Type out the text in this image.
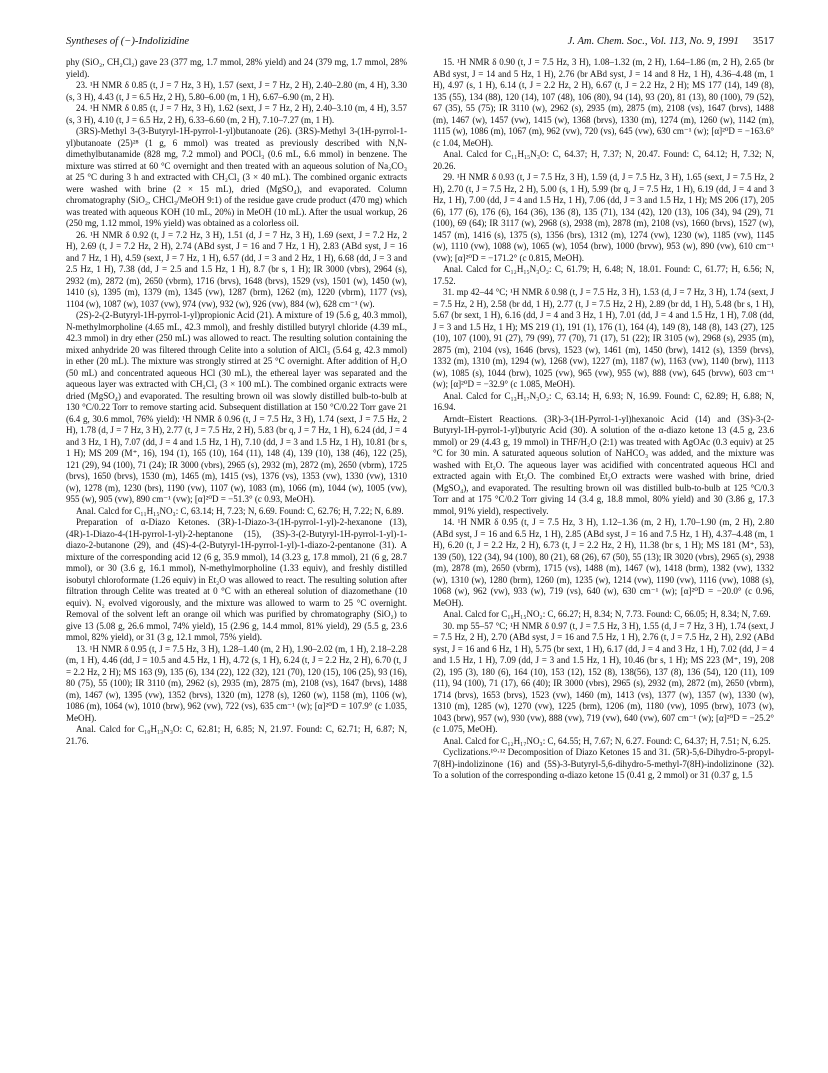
Syntheses of (−)-Indolizidine	J. Am. Chem. Soc., Vol. 113, No. 9, 1991 3517

phy (SiO₂, CH₂Cl₂) gave 23 (377 mg, 1.7 mmol, 28% yield) and 24 (379 mg, 1.7 mmol, 28% yield).

23. ¹H NMR δ 0.85 (t, J = 7 Hz, 3 H), 1.57 (sext, J = 7 Hz, 2 H), 2.40–2.80 (m, 4 H), 3.30 (s, 3 H), 4.43 (t, J = 6.5 Hz, 2 H), 5.80–6.00 (m, 1 H), 6.67–6.90 (m, 2 H).

24. ¹H NMR δ 0.85 (t, J = 7 Hz, 3 H), 1.62 (sext, J = 7 Hz, 2 H), 2.40–3.10 (m, 4 H), 3.57 (s, 3 H), 4.10 (t, J = 6.5 Hz, 2 H), 6.33–6.60 (m, 2 H), 7.10–7.27 (m, 1 H).

(3RS)-Methyl 3-(3-Butyryl-1H-pyrrol-1-yl)butanoate (26). (3RS)-Methyl 3-(1H-pyrrol-1-yl)butanoate (25)²⁸ (1 g, 6 mmol) was treated as previously described with N,N-dimethylbutanamide (828 mg, 7.2 mmol) and POCl₃ (0.6 mL, 6.6 mmol) in benzene. The mixture was stirred at 60 °C overnight and then treated with an aqueous solution of Na₂CO₃ at 25 °C during 3 h and extracted with CH₂Cl₂ (3 × 40 mL). The combined organic extracts were washed with brine (2 × 15 mL), dried (MgSO₄), and evaporated. Column chromatography (SiO₂, CHCl₃/MeOH 9:1) of the residue gave crude product (470 mg) which was treated with aqueous KOH (10 mL, 20%) in MeOH (10 mL). After the usual workup, 26 (250 mg, 1.12 mmol, 19% yield) was obtained as a colorless oil.

26. ¹H NMR δ 0.92 (t, J = 7.2 Hz, 3 H), 1.51 (d, J = 7 Hz, 3 H), 1.69 (sext, J = 7.2 Hz, 2 H), 2.69 (t, J = 7.2 Hz, 2 H), 2.74 (ABd syst, J = 16 and 7 Hz, 1 H), 2.83 (ABd syst, J = 16 and 7 Hz, 1 H), 4.59 (sext, J = 7 Hz, 1 H), 6.57 (dd, J = 3 and 2 Hz, 1 H), 6.68 (dd, J = 3 and 2.5 Hz, 1 H), 7.38 (dd, J = 2.5 and 1.5 Hz, 1 H), 8.7 (br s, 1 H); IR 3000 (vbrs), 2964 (s), 2932 (m), 2872 (m), 2650 (vbrm), 1716 (brvs), 1648 (brvs), 1529 (vs), 1501 (w), 1450 (w), 1410 (s), 1395 (m), 1379 (m), 1345 (vw), 1287 (brm), 1262 (m), 1220 (vbrm), 1177 (vs), 1104 (w), 1087 (w), 1037 (vw), 974 (vw), 932 (w), 926 (vw), 884 (w), 628 cm⁻¹ (w).

(2S)-2-(2-Butyryl-1H-pyrrol-1-yl)propionic Acid (21). A mixture of 19 (5.6 g, 40.3 mmol), N-methylmorpholine (4.65 mL, 42.3 mmol), and freshly distilled butyryl chloride (4.39 mL, 42.3 mmol) in dry ether (250 mL) was allowed to react. The resulting solution containing the mixed anhydride 20 was filtered through Celite into a solution of AlCl₃ (5.64 g, 42.3 mmol) in ether (20 mL). The mixture was strongly stirred at 25 °C overnight. After addition of H₂O (50 mL) and concentrated aqueous HCl (30 mL), the ethereal layer was separated and the aqueous layer was extracted with CH₂Cl₂ (3 × 100 mL). The combined organic extracts were dried (MgSO₄) and evaporated. The resulting brown oil was slowly distilled bulb-to-bulb at 130 °C/0.22 Torr to remove starting acid. Subsequent distillation at 150 °C/0.22 Torr gave 21 (6.4 g, 30.6 mmol, 76% yield): ¹H NMR δ 0.96 (t, J = 7.5 Hz, 3 H), 1.74 (sext, J = 7.5 Hz, 2 H), 1.78 (d, J = 7 Hz, 3 H), 2.77 (t, J = 7.5 Hz, 2 H), 5.83 (br q, J = 7 Hz, 1 H), 6.24 (dd, J = 4 and 3 Hz, 1 H), 7.07 (dd, J = 4 and 1.5 Hz, 1 H), 7.10 (dd, J = 3 and 1.5 Hz, 1 H), 10.81 (br s, 1 H); MS 209 (M⁺, 16), 194 (1), 165 (10), 164 (11), 148 (4), 139 (10), 138 (46), 122 (25), 121 (29), 94 (100), 71 (24); IR 3000 (vbrs), 2965 (s), 2932 (m), 2872 (m), 2650 (vbrm), 1725 (brvs), 1650 (brvs), 1530 (m), 1465 (m), 1415 (vs), 1376 (vs), 1353 (vw), 1330 (vw), 1310 (w), 1278 (m), 1230 (brs), 1190 (vw), 1107 (w), 1083 (m), 1066 (m), 1044 (w), 1005 (vw), 955 (w), 905 (vw), 890 cm⁻¹ (vw); [α]²⁰D = −51.3° (c 0.93, MeOH).

Anal. Calcd for C₁₁H₁₅NO₃: C, 63.14; H, 7.23; N, 6.69. Found: C, 62.76; H, 7.22; N, 6.89.

Preparation of α-Diazo Ketones. (3R)-1-Diazo-3-(1H-pyrrol-1-yl)-2-hexanone (13), (4R)-1-Diazo-4-(1H-pyrrol-1-yl)-2-heptanone (15), (3S)-3-(2-Butyryl-1H-pyrrol-1-yl)-1-diazo-2-butanone (29), and (4S)-4-(2-Butyryl-1H-pyrrol-1-yl)-1-diazo-2-pentanone (31). A mixture of the corresponding acid 12 (6 g, 35.9 mmol), 14 (3.23 g, 17.8 mmol), 21 (6 g, 28.7 mmol), or 30 (3.6 g, 16.1 mmol), N-methylmorpholine (1.33 equiv), and freshly distilled isobutyl chloroformate (1.26 equiv) in Et₂O was allowed to react. The resulting solution after filtration through Celite was treated at 0 °C with an ethereal solution of diazomethane (10 equiv). N₂ evolved vigorously, and the mixture was allowed to warm to 25 °C overnight. Removal of the solvent left an orange oil which was purified by chromatography (SiO₂) to give 13 (5.08 g, 26.6 mmol, 74% yield), 15 (2.96 g, 14.4 mmol, 81% yield), 29 (5.5 g, 23.6 mmol, 82% yield), or 31 (3 g, 12.1 mmol, 75% yield).

13. ¹H NMR δ 0.95 (t, J = 7.5 Hz, 3 H), 1.28–1.40 (m, 2 H), 1.90–2.02 (m, 1 H), 2.18–2.28 (m, 1 H), 4.46 (dd, J = 10.5 and 4.5 Hz, 1 H), 4.72 (s, 1 H), 6.24 (t, J = 2.2 Hz, 2 H), 6.70 (t, J = 2.2 Hz, 2 H); MS 163 (9), 135 (6), 134 (22), 122 (32), 121 (70), 120 (15), 106 (25), 93 (16), 80 (75), 55 (100); IR 3110 (m), 2962 (s), 2935 (m), 2875 (m), 2108 (vs), 1647 (brvs), 1488 (m), 1467 (w), 1395 (vw), 1352 (brvs), 1320 (m), 1278 (s), 1260 (w), 1158 (m), 1106 (w), 1086 (m), 1064 (w), 1010 (brw), 962 (vw), 722 (vs), 635 cm⁻¹ (w); [α]²⁰D = 107.9° (c 1.035, MeOH).

Anal. Calcd for C₁₀H₁₃N₃O: C, 62.81; H, 6.85; N, 21.97. Found: C, 62.71; H, 6.87; N, 21.76.

15. ¹H NMR δ 0.90 (t, J = 7.5 Hz, 3 H), 1.08–1.32 (m, 2 H), 1.64–1.86 (m, 2 H), 2.65 (br ABd syst, J = 14 and 5 Hz, 1 H), 2.76 (br ABd syst, J = 14 and 8 Hz, 1 H), 4.36–4.48 (m, 1 H), 4.97 (s, 1 H), 6.14 (t, J = 2.2 Hz, 2 H), 6.67 (t, J = 2.2 Hz, 2 H); MS 177 (14), 149 (8), 135 (55), 134 (88), 120 (14), 107 (48), 106 (80), 94 (14), 93 (20), 81 (13), 80 (100), 79 (52), 67 (35), 55 (75); IR 3110 (w), 2962 (s), 2935 (m), 2875 (m), 2108 (vs), 1647 (brvs), 1488 (m), 1467 (w), 1457 (vw), 1415 (w), 1368 (brvs), 1330 (m), 1274 (m), 1260 (w), 1142 (m), 1115 (w), 1086 (m), 1067 (m), 962 (vw), 720 (vs), 645 (vw), 630 cm⁻¹ (w); [α]²⁰D = −163.6° (c 1.04, MeOH).

Anal. Calcd for C₁₁H₁₅N₃O: C, 64.37; H, 7.37; N, 20.47. Found: C, 64.12; H, 7.32; N, 20.26.

29. ¹H NMR δ 0.93 (t, J = 7.5 Hz, 3 H), 1.59 (d, J = 7.5 Hz, 3 H), 1.65 (sext, J = 7.5 Hz, 2 H), 2.70 (t, J = 7.5 Hz, 2 H), 5.00 (s, 1 H), 5.99 (br q, J = 7.5 Hz, 1 H), 6.19 (dd, J = 4 and 3 Hz, 1 H), 7.00 (dd, J = 4 and 1.5 Hz, 1 H), 7.06 (dd, J = 3 and 1.5 Hz, 1 H); MS 206 (17), 205 (6), 177 (6), 176 (6), 164 (36), 136 (8), 135 (71), 134 (42), 120 (13), 106 (34), 94 (29), 71 (100), 69 (64); IR 3117 (w), 2968 (s), 2938 (m), 2878 (m), 2108 (vs), 1660 (brvs), 1527 (w), 1457 (m), 1416 (s), 1375 (s), 1356 (brs), 1312 (m), 1274 (vw), 1230 (w), 1185 (vw), 1145 (w), 1110 (vw), 1088 (w), 1065 (w), 1054 (brw), 1000 (brvw), 953 (w), 890 (vw), 610 cm⁻¹ (vw); [α]²⁰D = −171.2° (c 0.815, MeOH).

Anal. Calcd for C₁₂H₁₅N₃O₂: C, 61.79; H, 6.48; N, 18.01. Found: C, 61.77; H, 6.56; N, 17.52.

31. mp 42–44 °C; ¹H NMR δ 0.98 (t, J = 7.5 Hz, 3 H), 1.53 (d, J = 7 Hz, 3 H), 1.74 (sext, J = 7.5 Hz, 2 H), 2.58 (br dd, 1 H), 2.77 (t, J = 7.5 Hz, 2 H), 2.89 (br dd, 1 H), 5.48 (br s, 1 H), 5.67 (br sext, 1 H), 6.16 (dd, J = 4 and 3 Hz, 1 H), 7.01 (dd, J = 4 and 1.5 Hz, 1 H), 7.08 (dd, J = 3 and 1.5 Hz, 1 H); MS 219 (1), 191 (1), 176 (1), 164 (4), 149 (8), 148 (8), 143 (27), 125 (10), 107 (100), 91 (27), 79 (99), 77 (70), 71 (17), 51 (22); IR 3105 (w), 2968 (s), 2935 (m), 2875 (m), 2104 (vs), 1646 (brvs), 1523 (w), 1461 (m), 1450 (brw), 1412 (s), 1359 (brvs), 1332 (m), 1310 (m), 1294 (w), 1268 (vw), 1227 (m), 1187 (w), 1163 (vw), 1140 (brw), 1113 (w), 1085 (s), 1044 (brw), 1025 (vw), 965 (vw), 955 (w), 888 (vw), 645 (brvw), 603 cm⁻¹ (w); [α]²⁰D = −32.9° (c 1.085, MeOH).

Anal. Calcd for C₁₃H₁₇N₃O₂: C, 63.14; H, 6.93; N, 16.99. Found: C, 62.89; H, 6.88; N, 16.94.

Arndt–Eistert Reactions. (3R)-3-(1H-Pyrrol-1-yl)hexanoic Acid (14) and (3S)-3-(2-Butyryl-1H-pyrrol-1-yl)butyric Acid (30). A solution of the α-diazo ketone 13 (4.5 g, 23.6 mmol) or 29 (4.43 g, 19 mmol) in THF/H₂O (2:1) was treated with AgOAc (0.3 equiv) at 25 °C for 30 min. A saturated aqueous solution of NaHCO₃ was added, and the mixture was washed with Et₂O. The aqueous layer was acidified with concentrated aqueous HCl and extracted again with Et₂O. The combined Et₂O extracts were washed with brine, dried (MgSO₄), and evaporated. The resulting brown oil was distilled bulb-to-bulb at 125 °C/0.3 Torr and at 175 °C/0.2 Torr giving 14 (3.4 g, 18.8 mmol, 80% yield) and 30 (3.86 g, 17.3 mmol, 91% yield), respectively.

14. ¹H NMR δ 0.95 (t, J = 7.5 Hz, 3 H), 1.12–1.36 (m, 2 H), 1.70–1.90 (m, 2 H), 2.80 (ABd syst, J = 16 and 6.5 Hz, 1 H), 2.85 (ABd syst, J = 16 and 7.5 Hz, 1 H), 4.37–4.48 (m, 1 H), 6.20 (t, J = 2.2 Hz, 2 H), 6.73 (t, J = 2.2 Hz, 2 H), 11.38 (br s, 1 H); MS 181 (M⁺, 53), 139 (50), 122 (34), 94 (100), 80 (21), 68 (26), 67 (50), 55 (13); IR 3020 (vbrs), 2965 (s), 2938 (m), 2878 (m), 2650 (vbrm), 1715 (vs), 1488 (m), 1467 (w), 1418 (brm), 1382 (vw), 1332 (w), 1310 (w), 1280 (brm), 1260 (m), 1235 (w), 1214 (vw), 1190 (vw), 1116 (vw), 1088 (s), 1068 (w), 962 (vw), 933 (w), 719 (vs), 640 (w), 630 cm⁻¹ (w); [α]²⁰D = −20.0° (c 0.96, MeOH).

Anal. Calcd for C₁₀H₁₅NO₂: C, 66.27; H, 8.34; N, 7.73. Found: C, 66.05; H, 8.34; N, 7.69.

30. mp 55–57 °C; ¹H NMR δ 0.97 (t, J = 7.5 Hz, 3 H), 1.55 (d, J = 7 Hz, 3 H), 1.74 (sext, J = 7.5 Hz, 2 H), 2.70 (ABd syst, J = 16 and 7.5 Hz, 1 H), 2.76 (t, J = 7.5 Hz, 2 H), 2.92 (ABd syst, J = 16 and 6 Hz, 1 H), 5.75 (br sext, 1 H), 6.17 (dd, J = 4 and 3 Hz, 1 H), 7.02 (dd, J = 4 and 1.5 Hz, 1 H), 7.09 (dd, J = 3 and 1.5 Hz, 1 H), 10.46 (br s, 1 H); MS 223 (M⁺, 19), 208 (2), 195 (3), 180 (6), 164 (10), 153 (12), 152 (8), 138(56), 137 (8), 136 (54), 120 (11), 109 (11), 94 (100), 71 (17), 66 (40); IR 3000 (vbrs), 2965 (s), 2932 (m), 2872 (m), 2650 (vbrm), 1714 (brvs), 1653 (brvs), 1523 (vw), 1460 (m), 1413 (vs), 1377 (w), 1357 (w), 1330 (w), 1310 (m), 1285 (w), 1270 (vw), 1225 (brm), 1206 (m), 1180 (vw), 1095 (brw), 1073 (w), 1043 (brw), 957 (w), 930 (vw), 888 (vw), 719 (vw), 640 (vw), 607 cm⁻¹ (w); [α]²⁰D = −25.2° (c 1.075, MeOH).

Anal. Calcd for C₁₂H₁₇NO₃: C, 64.55; H, 7.67; N, 6.27. Found: C, 64.37; H, 7.51; N, 6.25.

Cyclizations.¹⁰·¹² Decomposition of Diazo Ketones 15 and 31. (5R)-5,6-Dihydro-5-propyl-7(8H)-indolizinone (16) and (5S)-3-Butyryl-5,6-dihydro-5-methyl-7(8H)-indolizinone (32). To a solution of the corresponding α-diazo ketone 15 (0.41 g, 2 mmol) or 31 (0.37 g, 1.5
